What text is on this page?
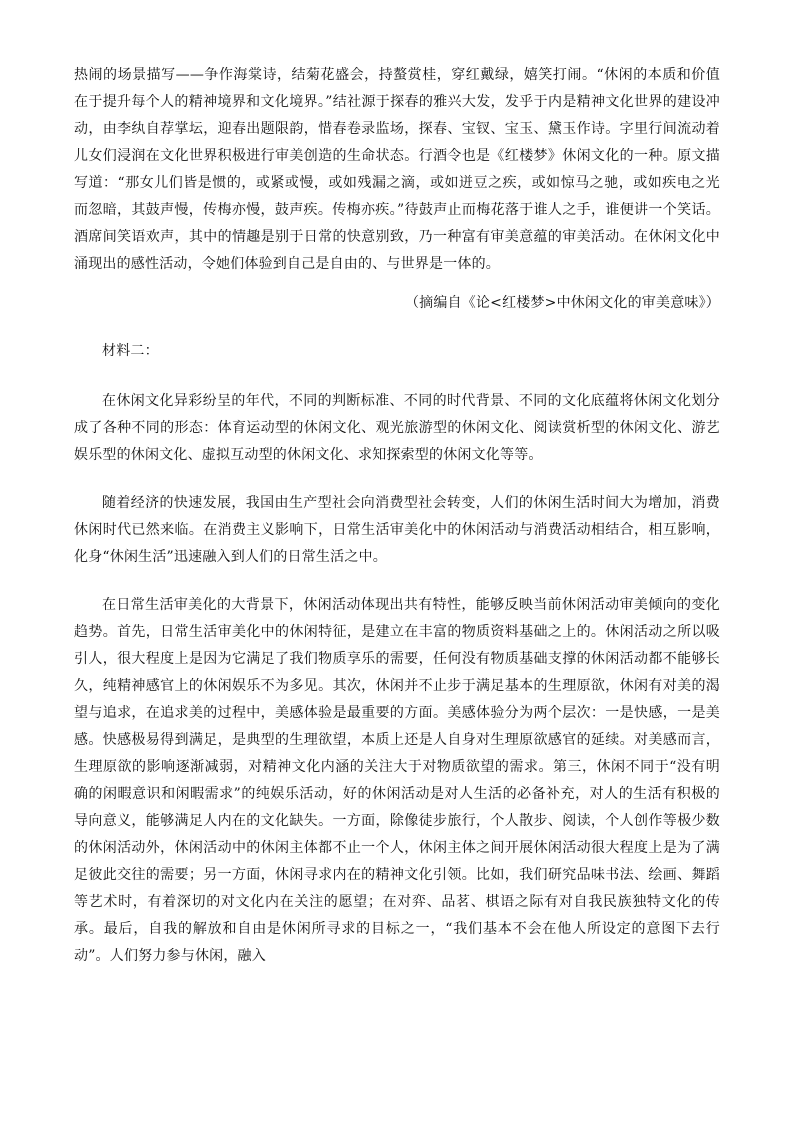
热闹的场景描写——争作海棠诗，结菊花盛会，持螯赏桂，穿红戴绿，嬉笑打闹。“休闲的本质和价值在于提升每个人的精神境界和文化境界。”结社源于探春的雅兴大发，发乎于内是精神文化世界的建设冲动，由李纨自荐掌坛，迎春出题限韵，惜春卷录监场，探春、宝钗、宝玉、黛玉作诗。字里行间流动着儿女们浸润在文化世界积极进行审美创造的生命状态。行酒令也是《红楼梦》休闲文化的一种。原文描写道：“那女儿们皆是惯的，或紧或慢，或如残漏之滴，或如迸豆之疾，或如惊马之驰，或如疾电之光而忽暗，其鼓声慢，传梅亦慢，鼓声疾。传梅亦疾。”待鼓声止而梅花落于谁人之手，谁便讲一个笑话。酒席间笑语欢声，其中的情趣是别于日常的快意别致，乃一种富有审美意蕴的审美活动。在休闲文化中涌现出的感性活动，令她们体验到自己是自由的、与世界是一体的。

（摘编自《论<红楼梦>中休闲文化的审美意味》）

材料二：

在休闲文化异彩纷呈的年代，不同的判断标准、不同的时代背景、不同的文化底蕴将休闲文化划分成了各种不同的形态：体育运动型的休闲文化、观光旅游型的休闲文化、阅读赏析型的休闲文化、游艺娱乐型的休闲文化、虚拟互动型的休闲文化、求知探索型的休闲文化等等。

随着经济的快速发展，我国由生产型社会向消费型社会转变，人们的休闲生活时间大为增加，消费休闲时代已然来临。在消费主义影响下，日常生活审美化中的休闲活动与消费活动相结合，相互影响，化身“休闲生活”迅速融入到人们的日常生活之中。

在日常生活审美化的大背景下，休闲活动体现出共有特性，能够反映当前休闲活动审美倾向的变化趋势。首先，日常生活审美化中的休闲特征，是建立在丰富的物质资料基础之上的。休闲活动之所以吸引人，很大程度上是因为它满足了我们物质享乐的需要，任何没有物质基础支撑的休闲活动都不能够长久，纯精神感官上的休闲娱乐不为多见。其次，休闲并不止步于满足基本的生理原欲，休闲有对美的渴望与追求，在追求美的过程中，美感体验是最重要的方面。美感体验分为两个层次：一是快感，一是美感。快感极易得到满足，是典型的生理欲望，本质上还是人自身对生理原欲感官的延续。对美感而言，生理原欲的影响逐渐减弱，对精神文化内涵的关注大于对物质欲望的需求。第三，休闲不同于“没有明确的闲暇意识和闲暇需求”的纯娱乐活动，好的休闲活动是对人生活的必备补充，对人的生活有积极的导向意义，能够满足人内在的文化缺失。一方面，除像徒步旅行，个人散步、阅读，个人创作等极少数的休闲活动外，休闲活动中的休闲主体都不止一个人，休闲主体之间开展休闲活动很大程度上是为了满足彼此交往的需要；另一方面，休闲寻求内在的精神文化引领。比如，我们研究品味书法、绘画、舞蹈等艺术时，有着深切的对文化内在关注的愿望；在对弈、品茗、棋语之际有对自我民族独特文化的传承。最后，自我的解放和自由是休闲所寻求的目标之一，“我们基本不会在他人所设定的意图下去行动”。人们努力参与休闲，融入
